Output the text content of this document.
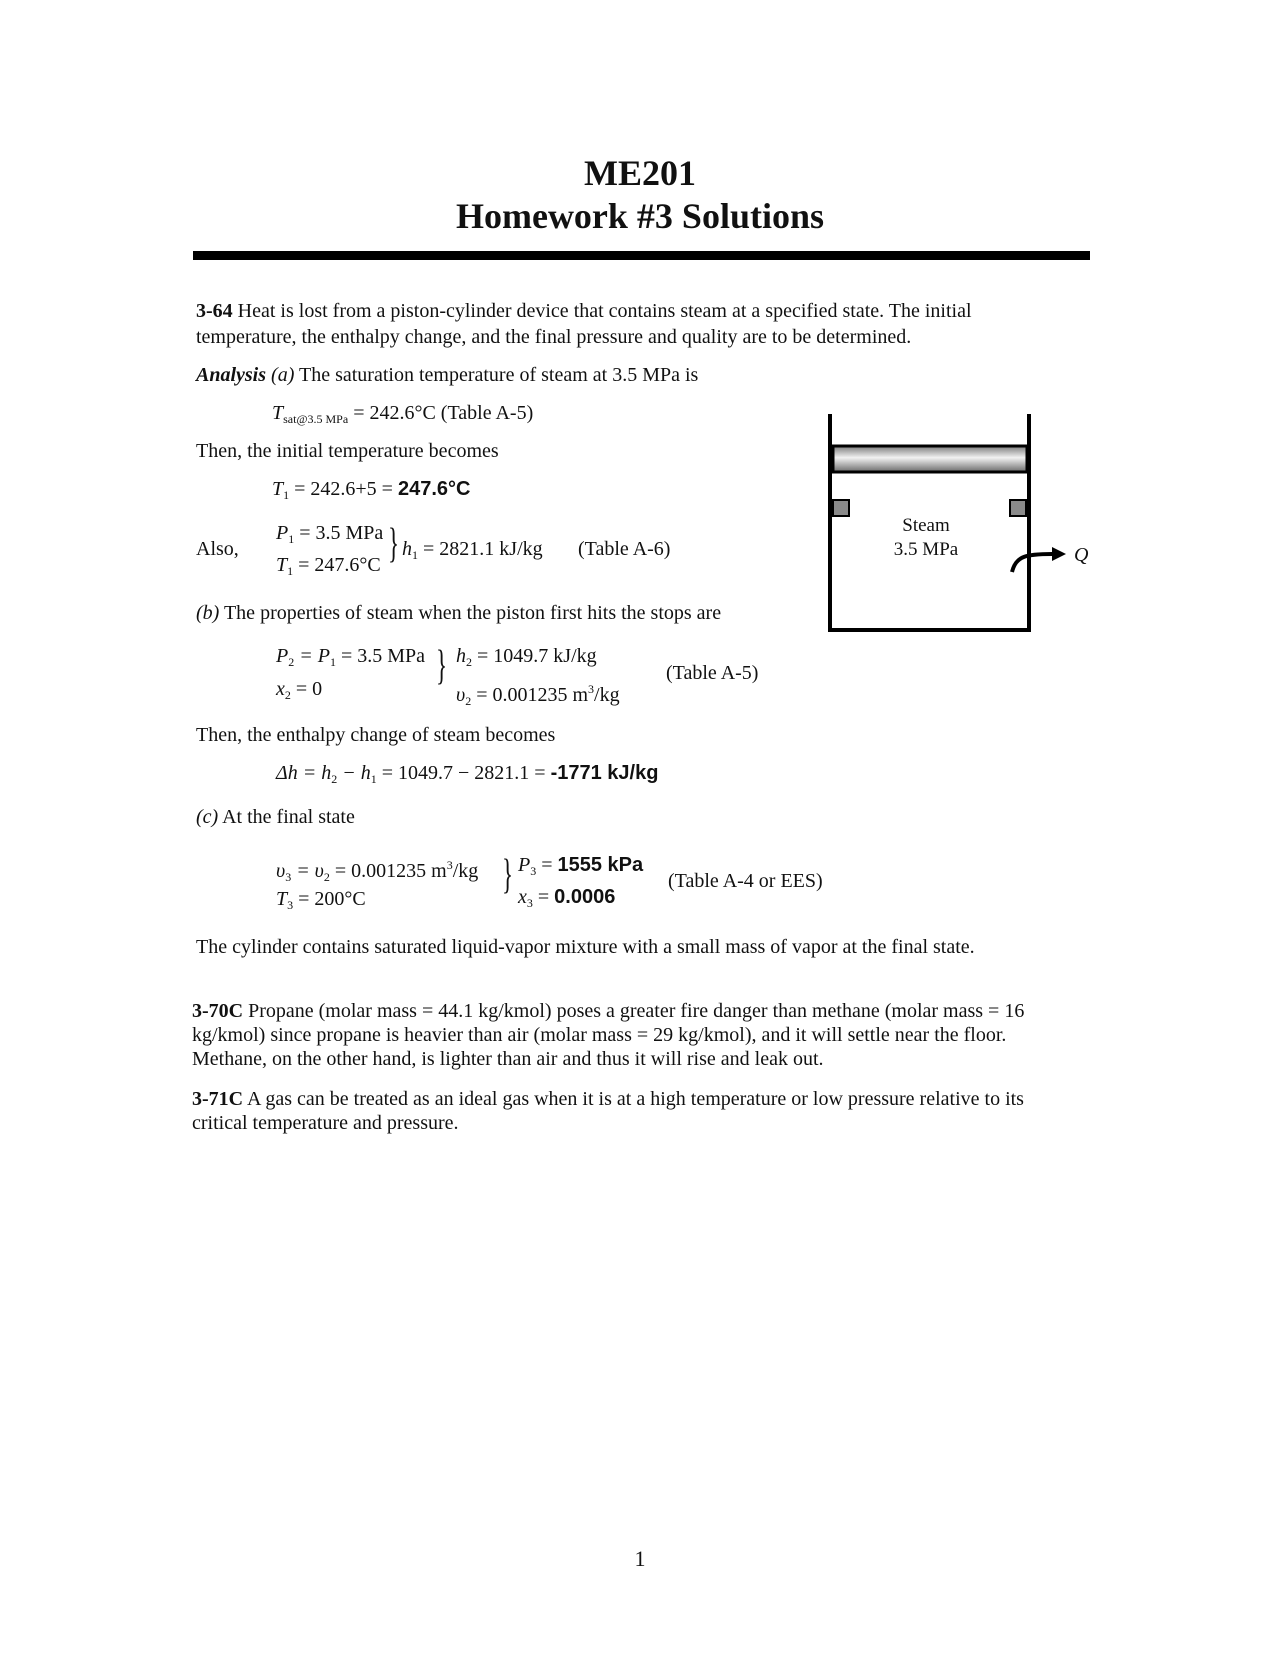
ME201
Homework #3 Solutions
3-64 Heat is lost from a piston-cylinder device that contains steam at a specified state. The initial
temperature, the enthalpy change, and the final pressure and quality are to be determined.
Analysis (a) The saturation temperature of steam at 3.5 MPa is
$T_{sat@3.5 MPa} = 242.6^\circ C$ (Table A-5)
Then, the initial temperature becomes
$T_1 = 242.6+5 = 247.6^\circ C$
Also,
$P_1 = 3.5$ MPa
$T_1 = 247.6^\circ C$ } $h_1 = 2821.1$ kJ/kg (Table A-6)
(b) The properties of steam when the piston first hits the stops are
$P_2 = P_1 = 3.5$ MPa
$x_2 = 0$	} $h_2 = 1049.7$ kJ/kg
$\upsilon_2 = 0.001235$ $m^3/kg$
(Table A-5)
Then, the enthalpy change of steam becomes
$\Delta h = h_2 - h_1 = 1049.7 - 2821.1 = -1771$ kJ/kg
(c) At the final state
$\upsilon_3 = \upsilon_2 = 0.001235$ $m^3/kg$
$T_3 = 200^\circ C$
} $P_3 = 1555$ kPa
$x_3 = 0.0006$
(Table A-4 or EES)
The cylinder contains saturated liquid-vapor mixture with a small mass of vapor at the final state.
Steam
3.5 MPa	Q
3-70C Propane (molar mass = 44.1 kg/kmol) poses a greater fire danger than methane (molar mass = 16
kg/kmol) since propane is heavier than air (molar mass = 29 kg/kmol), and it will settle near the floor.
Methane, on the other hand, is lighter than air and thus it will rise and leak out.
3-71C A gas can be treated as an ideal gas when it is at a high temperature or low pressure relative to its
critical temperature and pressure.
1
